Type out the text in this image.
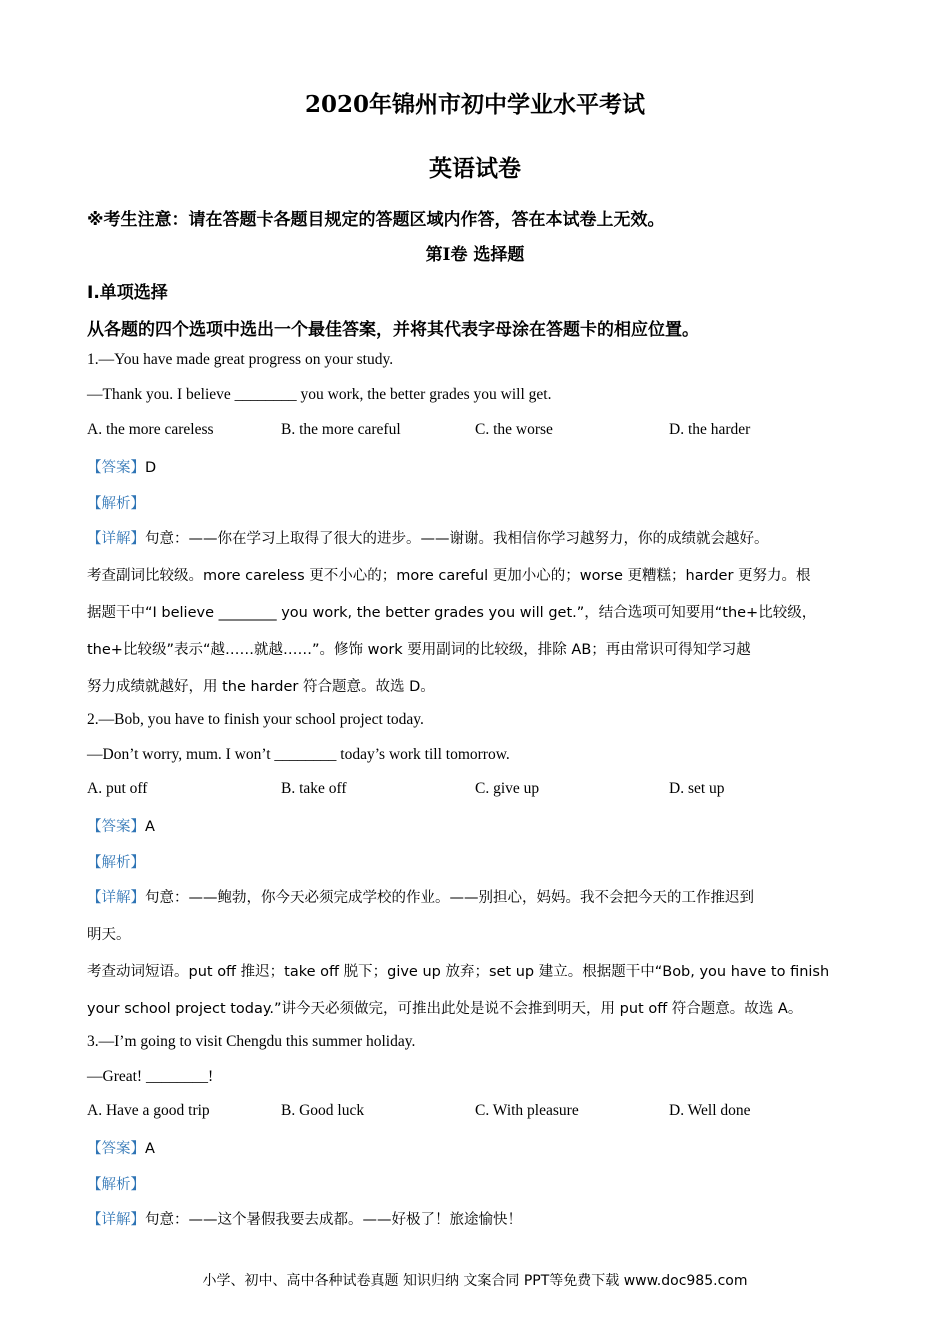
2020年锦州市初中学业水平考试
英语试卷
※考生注意：请在答题卡各题目规定的答题区域内作答，答在本试卷上无效。
第Ⅰ卷 选择题
Ⅰ.单项选择
从各题的四个选项中选出一个最佳答案，并将其代表字母涂在答题卡的相应位置。
1.—You have made great progress on your study.
—Thank you. I believe ________ you work, the better grades you will get.
A. the more careless	B. the more careful	C. the worse	D. the harder
【答案】D
【解析】
【详解】句意：——你在学习上取得了很大的进步。——谢谢。我相信你学习越努力，你的成绩就会越好。
考查副词比较级。more careless 更不小心的；more careful 更加小心的；worse 更糟糕；harder 更努力。根
据题干中“I believe ________ you work, the better grades you will get.”，结合选项可知要用“the+比较级，
the+比较级”表示“越……就越……”。修饰 work 要用副词的比较级，排除 AB；再由常识可得知学习越
努力成绩就越好，用 the harder 符合题意。故选 D。
2.—Bob, you have to finish your school project today.
—Don’t worry, mum. I won’t ________ today’s work till tomorrow.
A. put off	B. take off	C. give up	D. set up
【答案】A
【解析】
【详解】句意：——鲍勃，你今天必须完成学校的作业。——别担心，妈妈。我不会把今天的工作推迟到
明天。
考查动词短语。put off 推迟；take off 脱下；give up 放弃；set up 建立。根据题干中“Bob, you have to finish
your school project today.”讲今天必须做完，可推出此处是说不会推到明天，用 put off 符合题意。故选 A。
3.—I’m going to visit Chengdu this summer holiday.
—Great! ________!
A. Have a good trip	B. Good luck	C. With pleasure	D. Well done
【答案】A
【解析】
【详解】句意：——这个暑假我要去成都。——好极了！旅途愉快！
小学、初中、高中各种试卷真题 知识归纳 文案合同 PPT等免费下载 www.doc985.com
